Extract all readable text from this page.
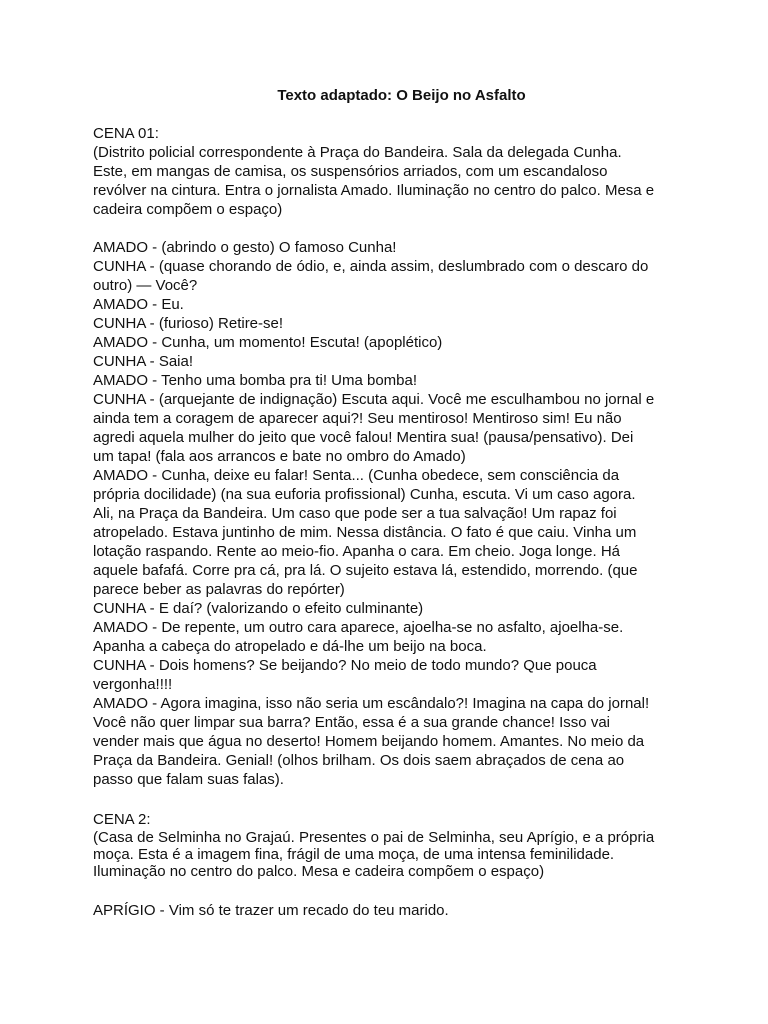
Texto adaptado: O Beijo no Asfalto
CENA 01:
(Distrito policial correspondente à Praça do Bandeira. Sala da delegada Cunha.
Este, em mangas de camisa, os suspensórios arriados, com um escandaloso
revólver na cintura. Entra o jornalista Amado. Iluminação no centro do palco. Mesa e
cadeira compõem o espaço)
AMADO - (abrindo o gesto) O famoso Cunha!
CUNHA - (quase chorando de ódio, e, ainda assim, deslumbrado com o descaro do
outro) — Você?
AMADO - Eu.
CUNHA - (furioso) Retire-se!
AMADO - Cunha, um momento! Escuta! (apoplético)
CUNHA - Saia!
AMADO - Tenho uma bomba pra ti! Uma bomba!
CUNHA - (arquejante de indignação) Escuta aqui. Você me esculhambou no jornal e
ainda tem a coragem de aparecer aqui?! Seu mentiroso! Mentiroso sim! Eu não
agredi aquela mulher do jeito que você falou! Mentira sua! (pausa/pensativo). Dei
um tapa! (fala aos arrancos e bate no ombro do Amado)
AMADO - Cunha, deixe eu falar! Senta... (Cunha obedece, sem consciência da
própria docilidade) (na sua euforia profissional) Cunha, escuta. Vi um caso agora.
Ali, na Praça da Bandeira. Um caso que pode ser a tua salvação! Um rapaz foi
atropelado. Estava juntinho de mim. Nessa distância. O fato é que caiu. Vinha um
lotação raspando. Rente ao meio-fio. Apanha o cara. Em cheio. Joga longe. Há
aquele bafafá. Corre pra cá, pra lá. O sujeito estava lá, estendido, morrendo. (que
parece beber as palavras do repórter)
CUNHA - E daí? (valorizando o efeito culminante)
AMADO - De repente, um outro cara aparece, ajoelha-se no asfalto, ajoelha-se.
Apanha a cabeça do atropelado e dá-lhe um beijo na boca.
CUNHA - Dois homens? Se beijando? No meio de todo mundo? Que pouca
vergonha!!!!
AMADO - Agora imagina, isso não seria um escândalo?! Imagina na capa do jornal!
Você não quer limpar sua barra? Então, essa é a sua grande chance! Isso vai
vender mais que água no deserto! Homem beijando homem. Amantes. No meio da
Praça da Bandeira. Genial! (olhos brilham. Os dois saem abraçados de cena ao
passo que falam suas falas).
CENA 2:
(Casa de Selminha no Grajaú. Presentes o pai de Selminha, seu Aprígio, e a própria
moça. Esta é a imagem fina, frágil de uma moça, de uma intensa feminilidade.
Iluminação no centro do palco. Mesa e cadeira compõem o espaço)
APRÍGIO - Vim só te trazer um recado do teu marido.
